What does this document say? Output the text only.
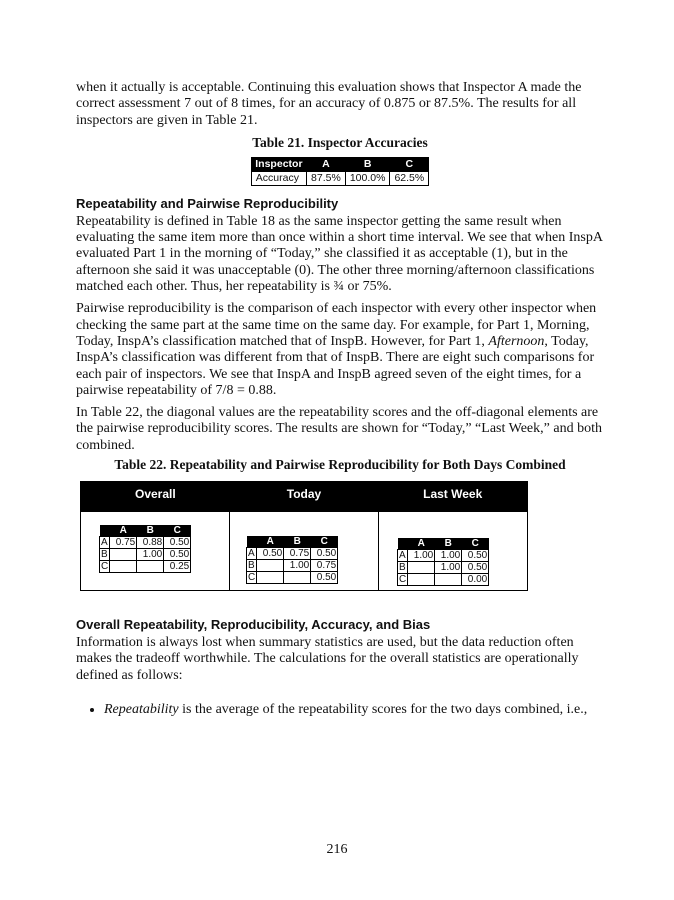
when it actually is acceptable. Continuing this evaluation shows that Inspector A made the correct assessment 7 out of 8 times, for an accuracy of 0.875 or 87.5%. The results for all inspectors are given in Table 21.

Table 21. Inspector Accuracies
Inspector	A	B	C
Accuracy	87.5%	100.0%	62.5%
Repeatability and Pairwise Reproducibility

Repeatability is defined in Table 18 as the same inspector getting the same result when evaluating the same item more than once within a short time interval. We see that when InspA evaluated Part 1 in the morning of “Today,” she classified it as acceptable (1), but in the afternoon she said it was unacceptable (0). The other three morning/afternoon classifications matched each other. Thus, her repeatability is ¾ or 75%.

Pairwise reproducibility is the comparison of each inspector with every other inspector when checking the same part at the same time on the same day. For example, for Part 1, Morning, Today, InspA’s classification matched that of InspB. However, for Part 1, Afternoon, Today, InspA’s classification was different from that of InspB. There are eight such comparisons for each pair of inspectors. We see that InspA and InspB agreed seven of the eight times, for a pairwise repeatability of 7/8 = 0.88.

In Table 22, the diagonal values are the repeatability scores and the off-diagonal elements are the pairwise reproducibility scores. The results are shown for “Today,” “Last Week,” and both combined.

Table 22. Repeatability and Pairwise Reproducibility for Both Days Combined
Overall	Today	Last Week
	A	B	C
A	0.75	0.88	0.50
B		1.00	0.50
C			0.25
	A	B	C
A	0.50	0.75	0.50
B		1.00	0.75
C			0.50
	A	B	C
A	1.00	1.00	0.50
B		1.00	0.50
C			0.00
Overall Repeatability, Reproducibility, Accuracy, and Bias

Information is always lost when summary statistics are used, but the data reduction often makes the tradeoff worthwhile. The calculations for the overall statistics are operationally defined as follows:

• Repeatability is the average of the repeatability scores for the two days combined, i.e.,
216
